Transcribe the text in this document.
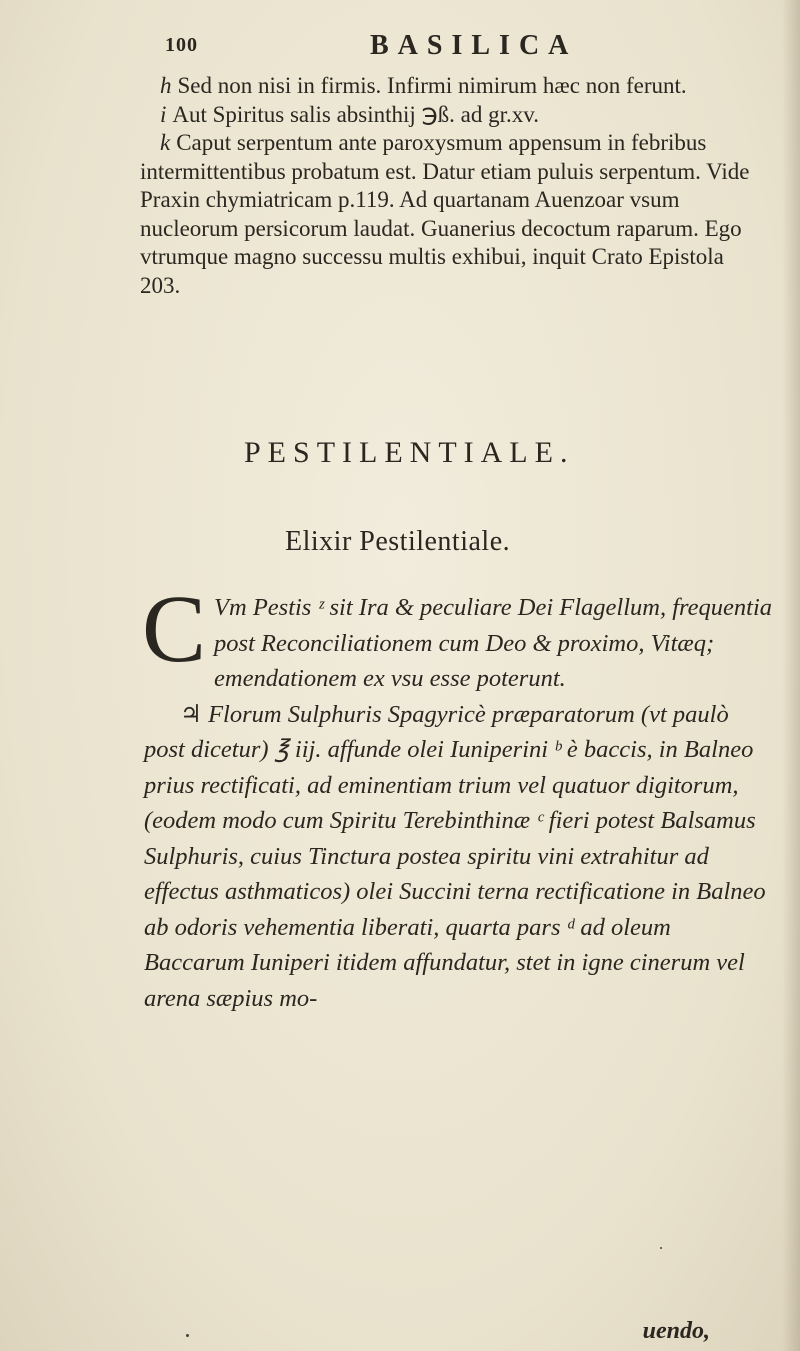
100	BASILICA

h Sed non nisi in firmis. Infirmi nimirum hæc non ferunt.

i Aut Spiritus salis absinthij ℈ß. ad gr.xv.

k Caput serpentum ante paroxysmum appensum in febribus intermittentibus probatum est. Datur etiam puluis serpentum. Vide Praxin chymiatricam p.119. Ad quartanam Auenzoar vsum nucleorum persicorum laudat. Guanerius decoctum raparum. Ego vtrumque magno successu multis exhibui, inquit Crato Epistola 203.

PESTILENTIALE.
Elixir Pestilentiale.

C Vm Pestis ᶻ sit Ira & peculiare Dei Flagellum, frequentia post Reconciliationem cum Deo & proximo, Vitæq; emendationem ex vsu esse poterunt.

♃ Florum Sulphuris Spagyricè præparatorum (vt paulò post dicetur) ℥ iij. affunde olei Iuniperini ᵇ è baccis, in Balneo prius rectificati, ad eminentiam trium vel quatuor digitorum, (eodem modo cum Spiritu Terebinthinæ ᶜ fieri potest Balsamus Sulphuris, cuius Tinctura postea spiritu vini extrahitur ad effectus asthmaticos) olei Succini terna rectificatione in Balneo ab odoris vehementia liberati, quarta pars ᵈ ad oleum Baccarum Iuniperi itidem affundatur, stet in igne cinerum vel arena sæpius mo-

uendo,
